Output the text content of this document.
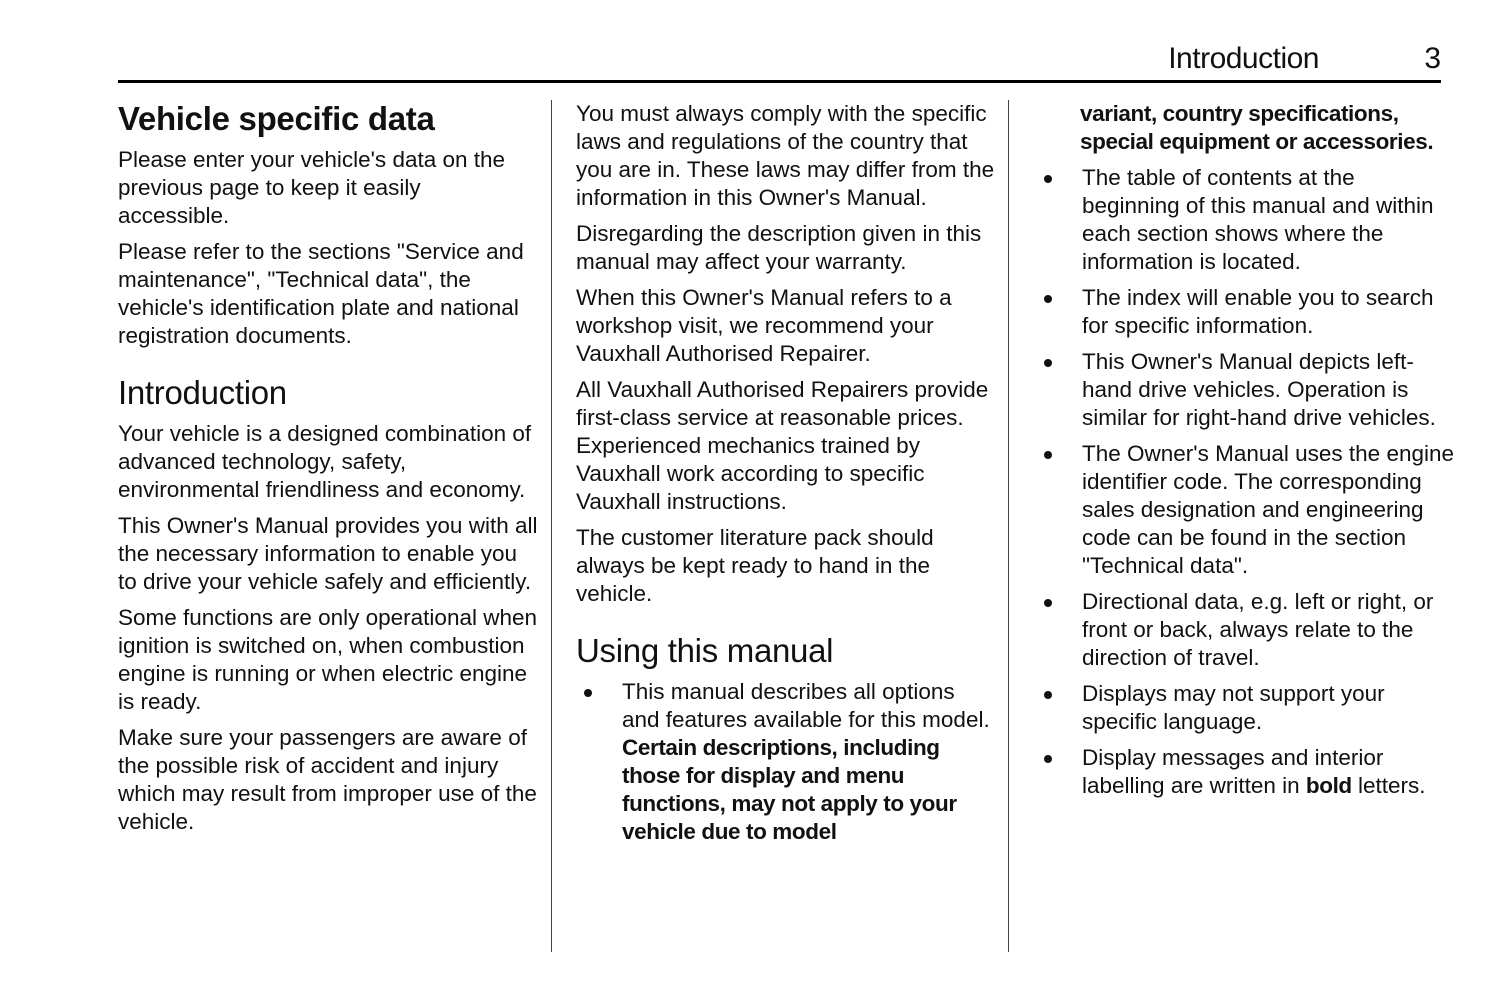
Introduction	3
Vehicle specific data

Please enter your vehicle's data on the previous page to keep it easily accessible.

Please refer to the sections "Service and maintenance", "Technical data", the vehicle's identification plate and national registration documents.

Introduction

Your vehicle is a designed combination of advanced technology, safety, environmental friendliness and economy.

This Owner's Manual provides you with all the necessary information to enable you to drive your vehicle safely and efficiently.

Some functions are only operational when ignition is switched on, when combustion engine is running or when electric engine is ready.

Make sure your passengers are aware of the possible risk of accident and injury which may result from improper use of the vehicle.

You must always comply with the specific laws and regulations of the country that you are in. These laws may differ from the information in this Owner's Manual.

Disregarding the description given in this manual may affect your warranty.

When this Owner's Manual refers to a workshop visit, we recommend your Vauxhall Authorised Repairer.

All Vauxhall Authorised Repairers provide first-class service at reasonable prices. Experienced mechanics trained by Vauxhall work according to specific Vauxhall instructions.

The customer literature pack should always be kept ready to hand in the vehicle.

Using this manual
This manual describes all options and features available for this model. Certain descriptions, including those for display and menu functions, may not apply to your vehicle due to model
variant, country specifications, special equipment or accessories.
The table of contents at the beginning of this manual and within each section shows where the information is located.
The index will enable you to search for specific information.
This Owner's Manual depicts left-hand drive vehicles. Operation is similar for right-hand drive vehicles.
The Owner's Manual uses the engine identifier code. The corresponding sales designation and engineering code can be found in the section "Technical data".
Directional data, e.g. left or right, or front or back, always relate to the direction of travel.
Displays may not support your specific language.
Display messages and interior labelling are written in bold letters.
